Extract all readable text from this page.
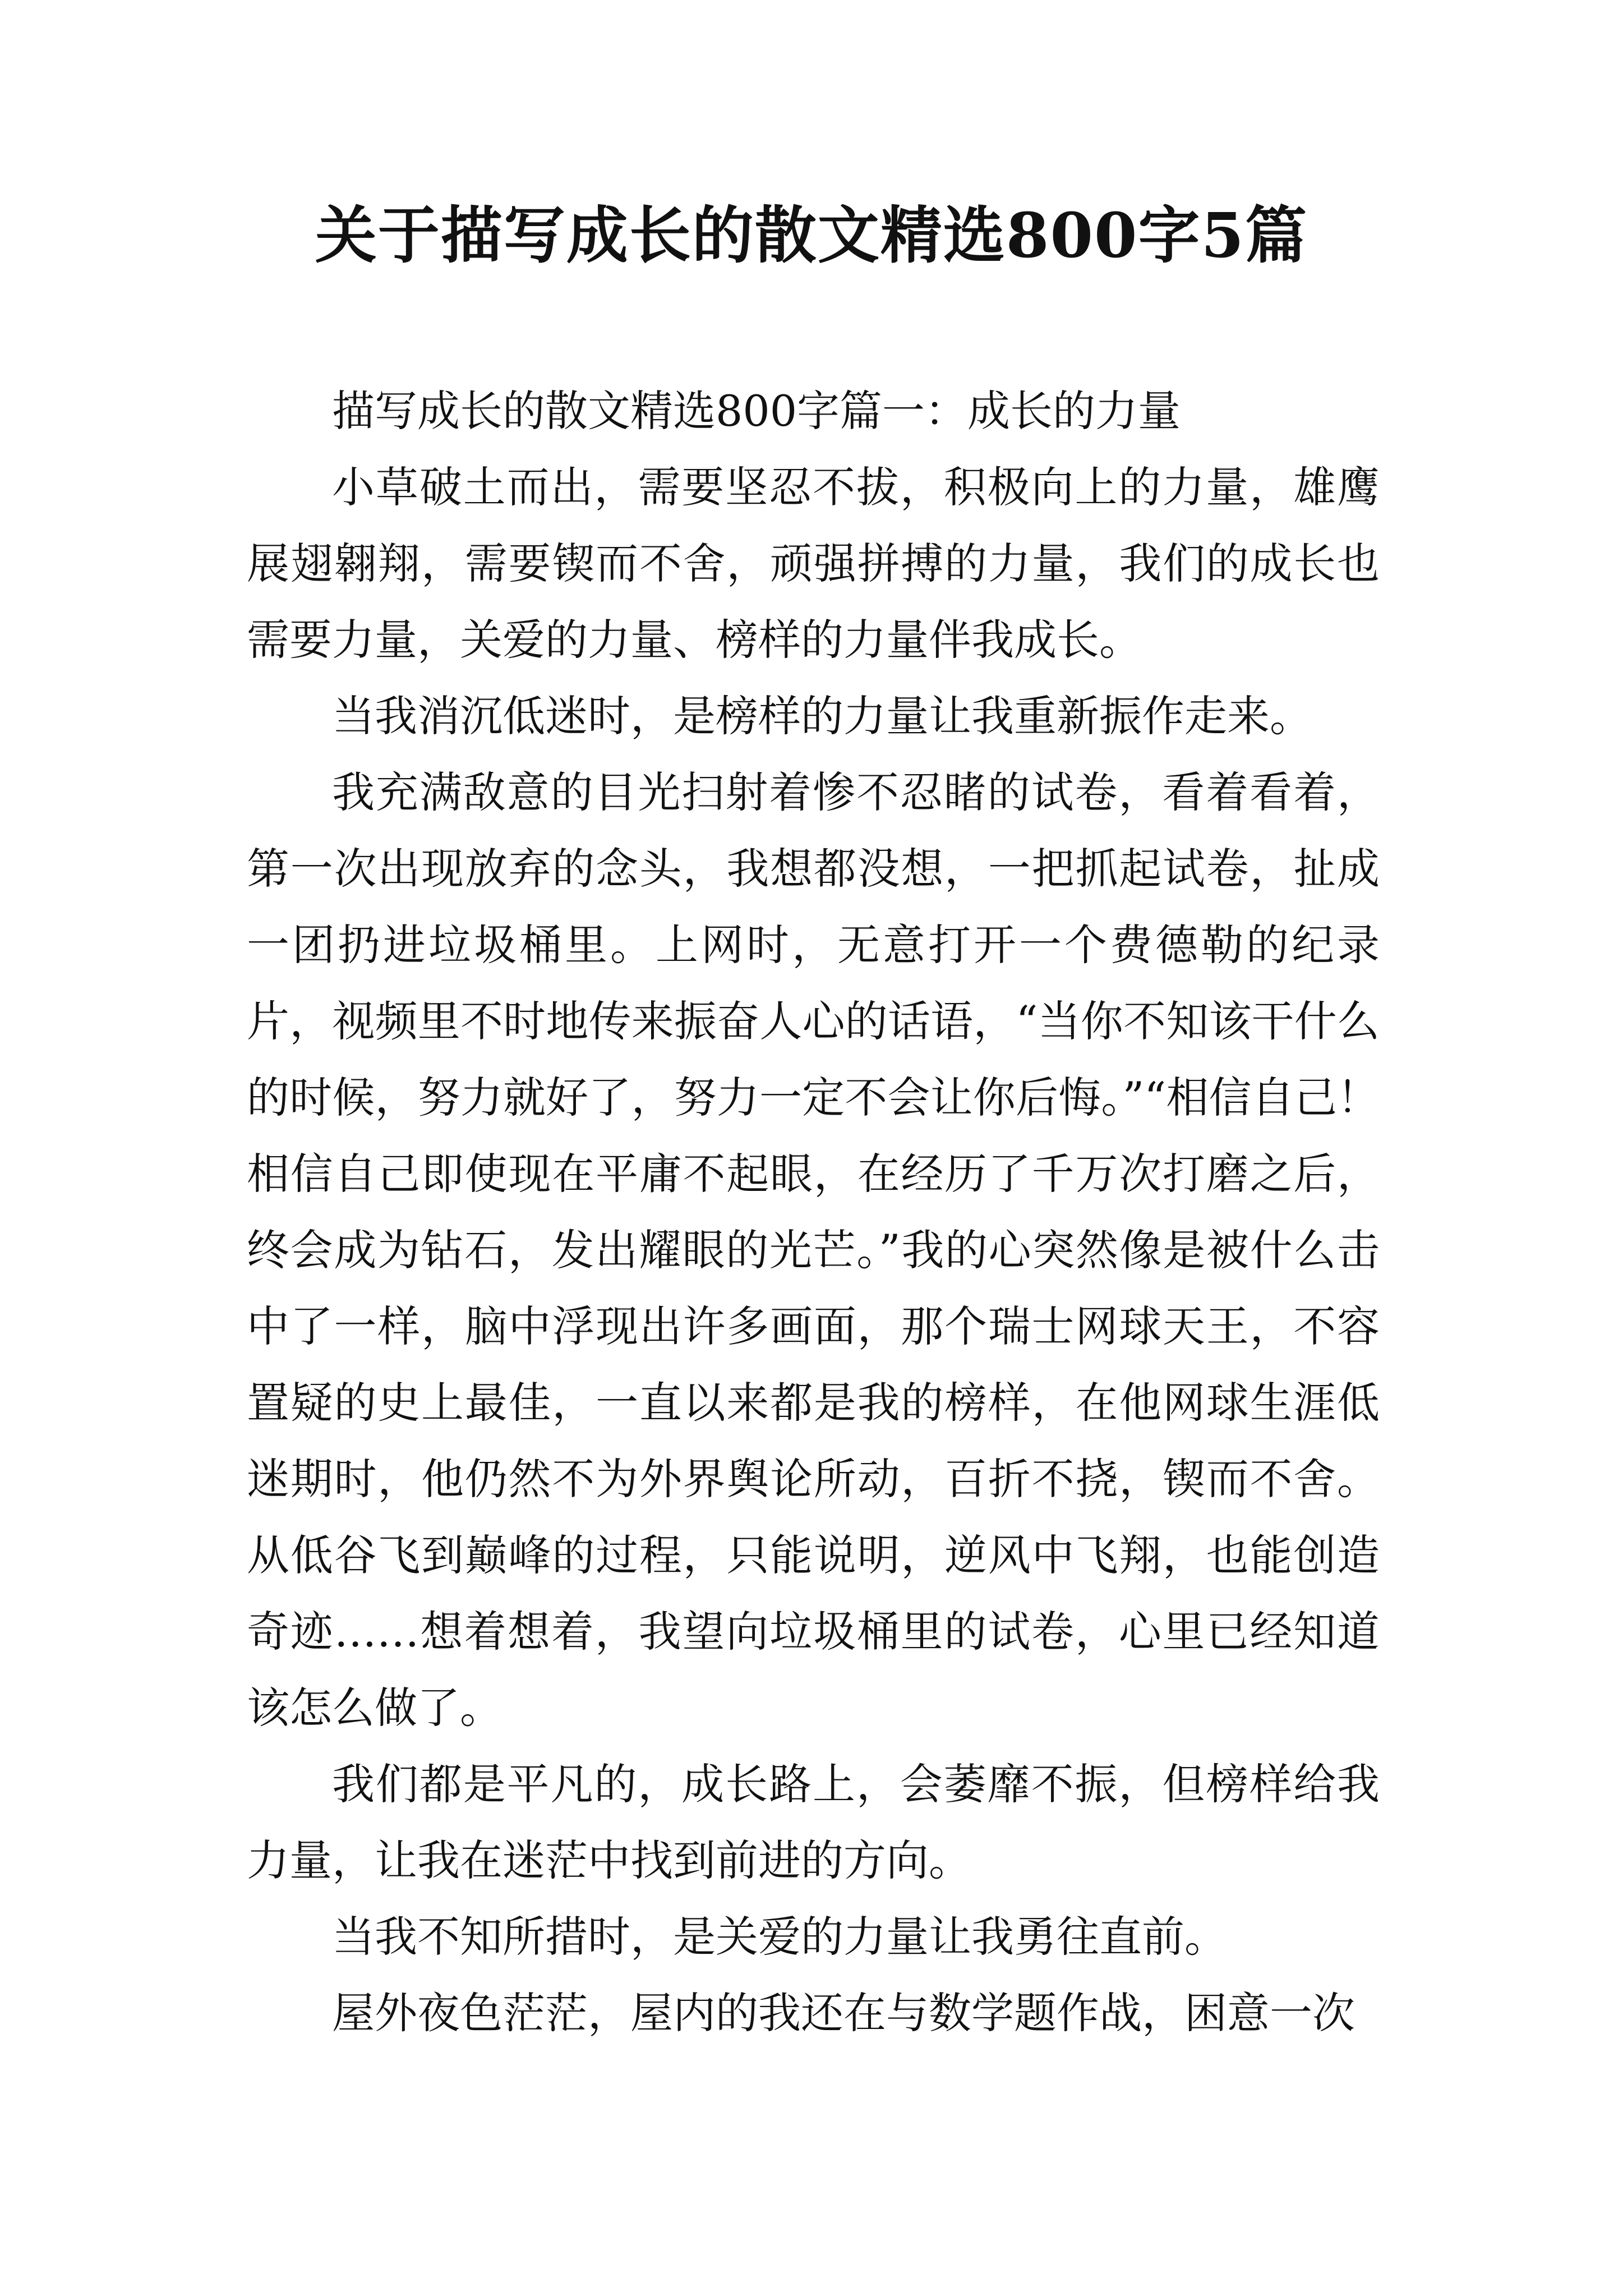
关于描写成长的散文精选800字5篇

描写成长的散文精选800字篇一：成长的力量

小草破土而出，需要坚忍不拔，积极向上的力量，雄鹰展翅翱翔，需要锲而不舍，顽强拼搏的力量，我们的成长也需要力量，关爱的力量、榜样的力量伴我成长。

当我消沉低迷时，是榜样的力量让我重新振作走来。

我充满敌意的目光扫射着惨不忍睹的试卷，看着看着，第一次出现放弃的念头，我想都没想，一把抓起试卷，扯成一团扔进垃圾桶里。上网时，无意打开一个费德勒的纪录片，视频里不时地传来振奋人心的话语，“当你不知该干什么的时候，努力就好了，努力一定不会让你后悔。”“相信自己！相信自己即使现在平庸不起眼，在经历了千万次打磨之后，终会成为钻石，发出耀眼的光芒。”我的心突然像是被什么击中了一样，脑中浮现出许多画面，那个瑞士网球天王，不容置疑的史上最佳，一直以来都是我的榜样，在他网球生涯低迷期时，他仍然不为外界舆论所动，百折不挠，锲而不舍。从低谷飞到巅峰的过程，只能说明，逆风中飞翔，也能创造奇迹……想着想着，我望向垃圾桶里的试卷，心里已经知道该怎么做了。

我们都是平凡的，成长路上，会萎靡不振，但榜样给我力量，让我在迷茫中找到前进的方向。

当我不知所措时，是关爱的力量让我勇往直前。

屋外夜色茫茫，屋内的我还在与数学题作战，困意一次
